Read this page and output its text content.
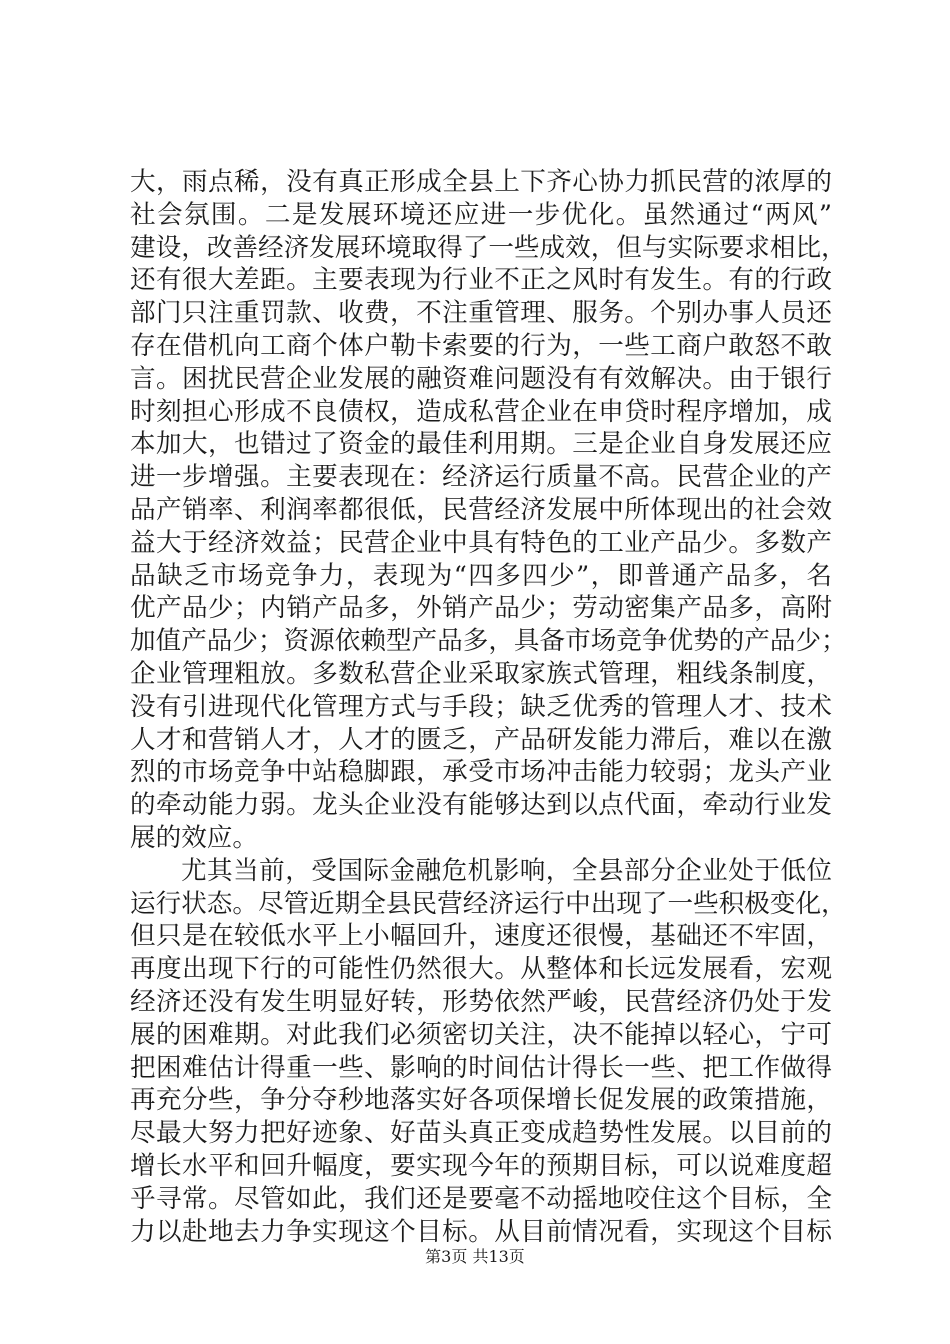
大，雨点稀，没有真正形成全县上下齐心协力抓民营的浓厚的
社会氛围。二是发展环境还应进一步优化。虽然通过“两风”
建设，改善经济发展环境取得了一些成效，但与实际要求相比，
还有很大差距。主要表现为行业不正之风时有发生。有的行政
部门只注重罚款、收费，不注重管理、服务。个别办事人员还
存在借机向工商个体户勒卡索要的行为，一些工商户敢怒不敢
言。困扰民营企业发展的融资难问题没有有效解决。由于银行
时刻担心形成不良债权，造成私营企业在申贷时程序增加，成
本加大，也错过了资金的最佳利用期。三是企业自身发展还应
进一步增强。主要表现在：经济运行质量不高。民营企业的产
品产销率、利润率都很低，民营经济发展中所体现出的社会效
益大于经济效益；民营企业中具有特色的工业产品少。多数产
品缺乏市场竞争力，表现为“四多四少”，即普通产品多，名
优产品少；内销产品多，外销产品少；劳动密集产品多，高附
加值产品少；资源依赖型产品多，具备市场竞争优势的产品少；
企业管理粗放。多数私营企业采取家族式管理，粗线条制度，
没有引进现代化管理方式与手段；缺乏优秀的管理人才、技术
人才和营销人才，人才的匮乏，产品研发能力滞后，难以在激
烈的市场竞争中站稳脚跟，承受市场冲击能力较弱；龙头产业
的牵动能力弱。龙头企业没有能够达到以点代面，牵动行业发
展的效应。
尤其当前，受国际金融危机影响，全县部分企业处于低位
运行状态。尽管近期全县民营经济运行中出现了一些积极变化，
但只是在较低水平上小幅回升，速度还很慢，基础还不牢固，
再度出现下行的可能性仍然很大。从整体和长远发展看，宏观
经济还没有发生明显好转，形势依然严峻，民营经济仍处于发
展的困难期。对此我们必须密切关注，决不能掉以轻心，宁可
把困难估计得重一些、影响的时间估计得长一些、把工作做得
再充分些，争分夺秒地落实好各项保增长促发展的政策措施，
尽最大努力把好迹象、好苗头真正变成趋势性发展。以目前的
增长水平和回升幅度，要实现今年的预期目标，可以说难度超
乎寻常。尽管如此，我们还是要毫不动摇地咬住这个目标，全
力以赴地去力争实现这个目标。从目前情况看，实现这个目标
第3页 共13页
